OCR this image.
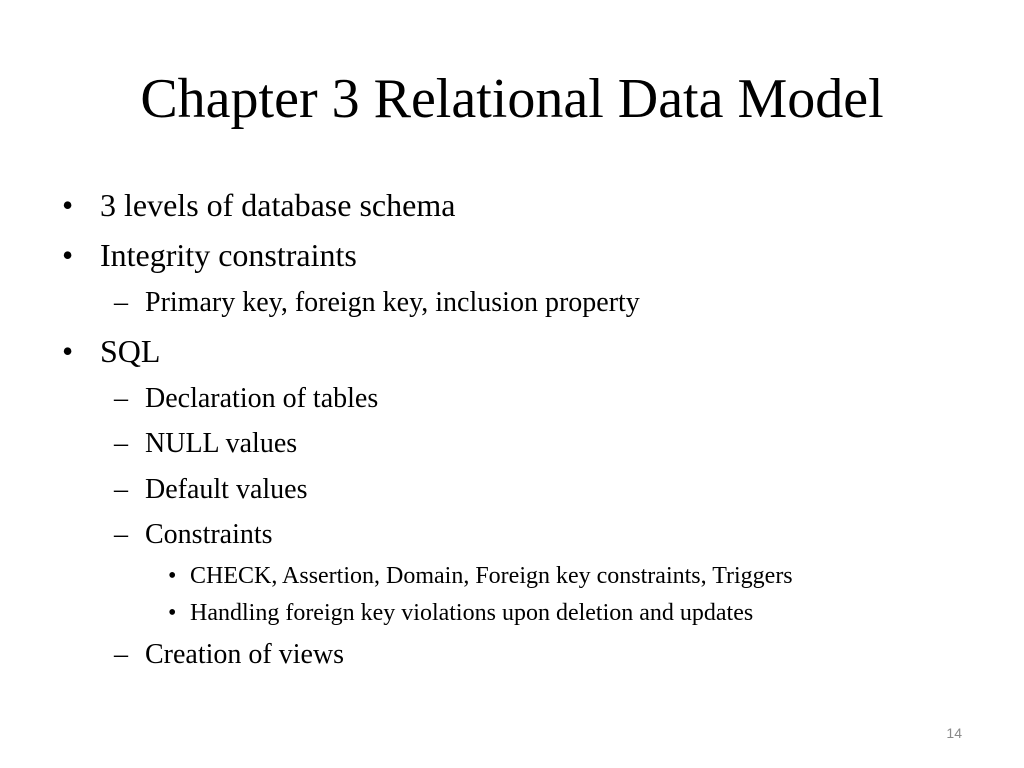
Chapter 3 Relational Data Model
• 3 levels of database schema
• Integrity constraints
– Primary key, foreign key, inclusion property
• SQL
– Declaration of tables
– NULL values
– Default values
– Constraints
• CHECK, Assertion, Domain, Foreign key constraints, Triggers
• Handling foreign key violations upon deletion and updates
– Creation of views
14
